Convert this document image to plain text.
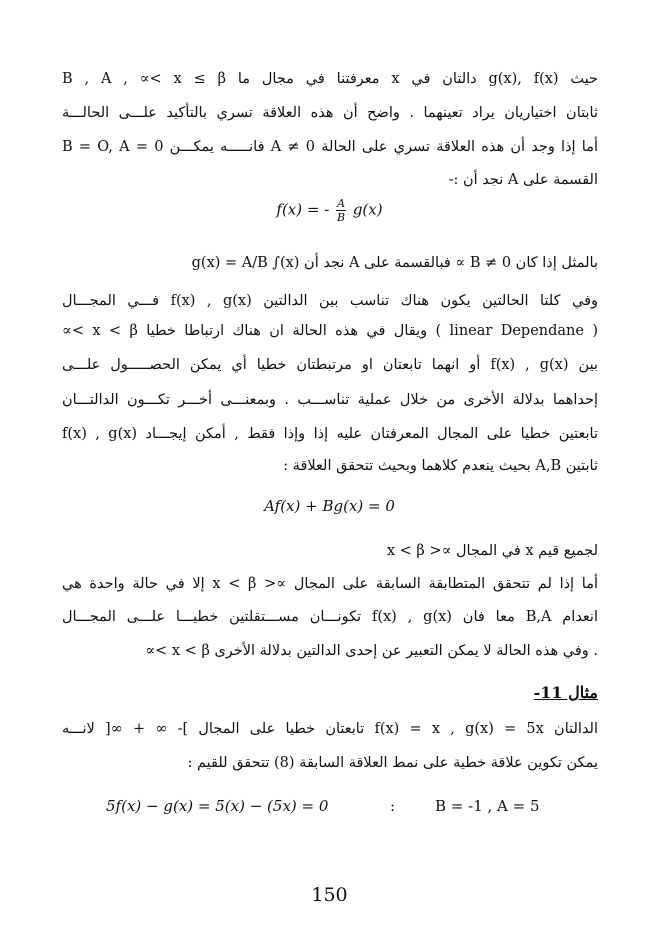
حيث g(x), f(x) دالتان في x معرفتنا في مجال ما B , A , ∝< x ≤ β
ثابتان اختياريان يراد تعينهما . واضح أن هذه العلاقة تسري بالتأكيد علـــى الحالـــة
أما إذا وجد أن هذه العلاقة تسري على الحالة A ≠ 0 فانـــــه يمكـــن B = O, A = 0
القسمة على A نجد أن :-
f(x) = - $\frac{A}{B} g(x)$
بالمثل إذا كان B ≠ 0 ∝ فبالقسمة على A نجد أن g(x) = A/B ∫(x)
وفي كلتا الحالتين يكون هناك تناسب بين الدالتين f(x) , g(x) فـــي المجـــال
∝< x < β ويقال في هذه الحالة ان هناك ارتباطا خطيا ( linear Dependane )
بين f(x) , g(x) أو انهما تابعتان او مرتبطتان خطيا أي يمكن الحصـــــول علـــى
إحداهما بدلالة الأخرى من خلال عملية تناســـب . وبمعنـــى أخـــر تكـــون الدالتـــان
f(x) , g(x) تابعتين خطيا على المجال المعرفتان عليه إذا وإذا فقط , أمكن إيجـــاد
ثابتين A,B بحيث ينعدم كلاهما وبحيث تتحقق العلاقة :
Af(x) + Bg(x) = 0
لجميع قيم x في المجال ∝< x < β
أما إذا لم تتحقق المتطابقة السابقة على المجال ∝< x < β إلا في حالة واحدة هي
انعدام B,A معا فان f(x) , g(x) تكونـــان مســـتقلتين خطيـــا علـــى المجـــال
∝< x < β وفي هذه الحالة لا يمكن التعبير عن إحدى الدالتين بدلالة الأخرى .
مثال 11-
الدالتان f(x) = x , g(x) = 5x تابعتان خطيا على المجال ]- ∞ + ∞[ لانـــه
يمكن تكوين علاقة خطية على نمط العلاقة السابقة (8) تتحقق للقيم :
5f(x) − g(x) = 5(x) − (5x) = 0	:	B = -1 , A = 5
150
